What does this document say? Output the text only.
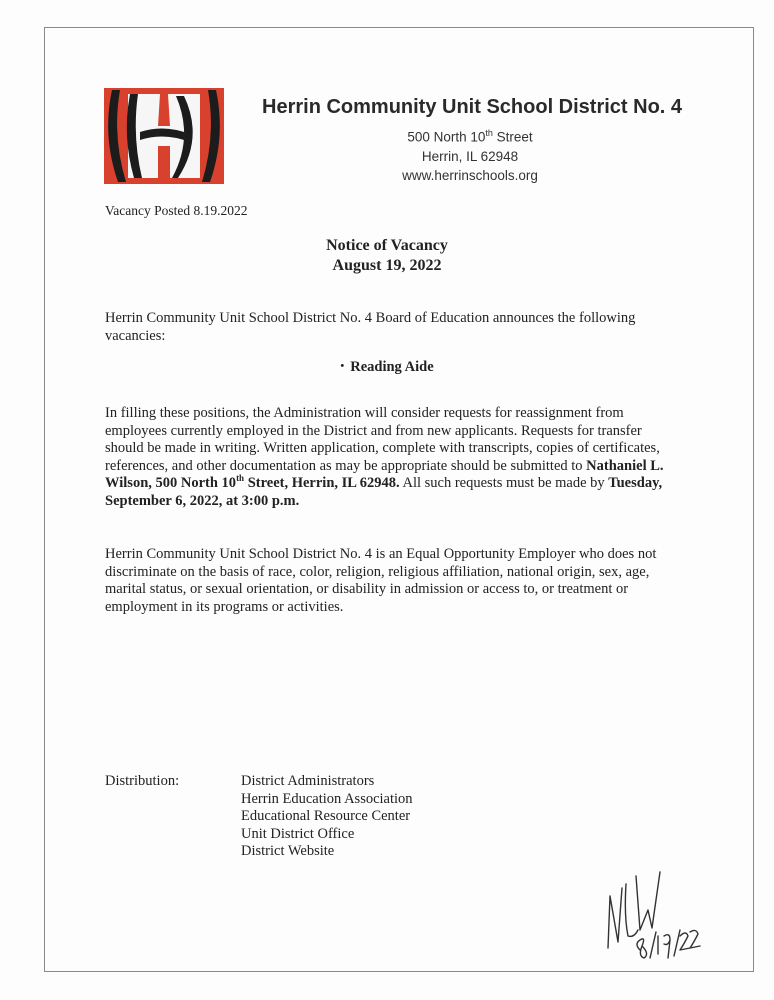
Herrin Community Unit School District No. 4
500 North 10th Street
Herrin, IL 62948
www.herrinschools.org
Vacancy Posted 8.19.2022
Notice of Vacancy
August 19, 2022
Herrin Community Unit School District No. 4 Board of Education announces the following vacancies:
• Reading Aide
In filling these positions, the Administration will consider requests for reassignment from employees currently employed in the District and from new applicants. Requests for transfer should be made in writing. Written application, complete with transcripts, copies of certificates, references, and other documentation as may be appropriate should be submitted to Nathaniel L. Wilson, 500 North 10th Street, Herrin, IL 62948. All such requests must be made by Tuesday, September 6, 2022, at 3:00 p.m.
Herrin Community Unit School District No. 4 is an Equal Opportunity Employer who does not discriminate on the basis of race, color, religion, religious affiliation, national origin, sex, age, marital status, or sexual orientation, or disability in admission or access to, or treatment or employment in its programs or activities.
Distribution:	District Administrators
Herrin Education Association
Educational Resource Center
Unit District Office
District Website
